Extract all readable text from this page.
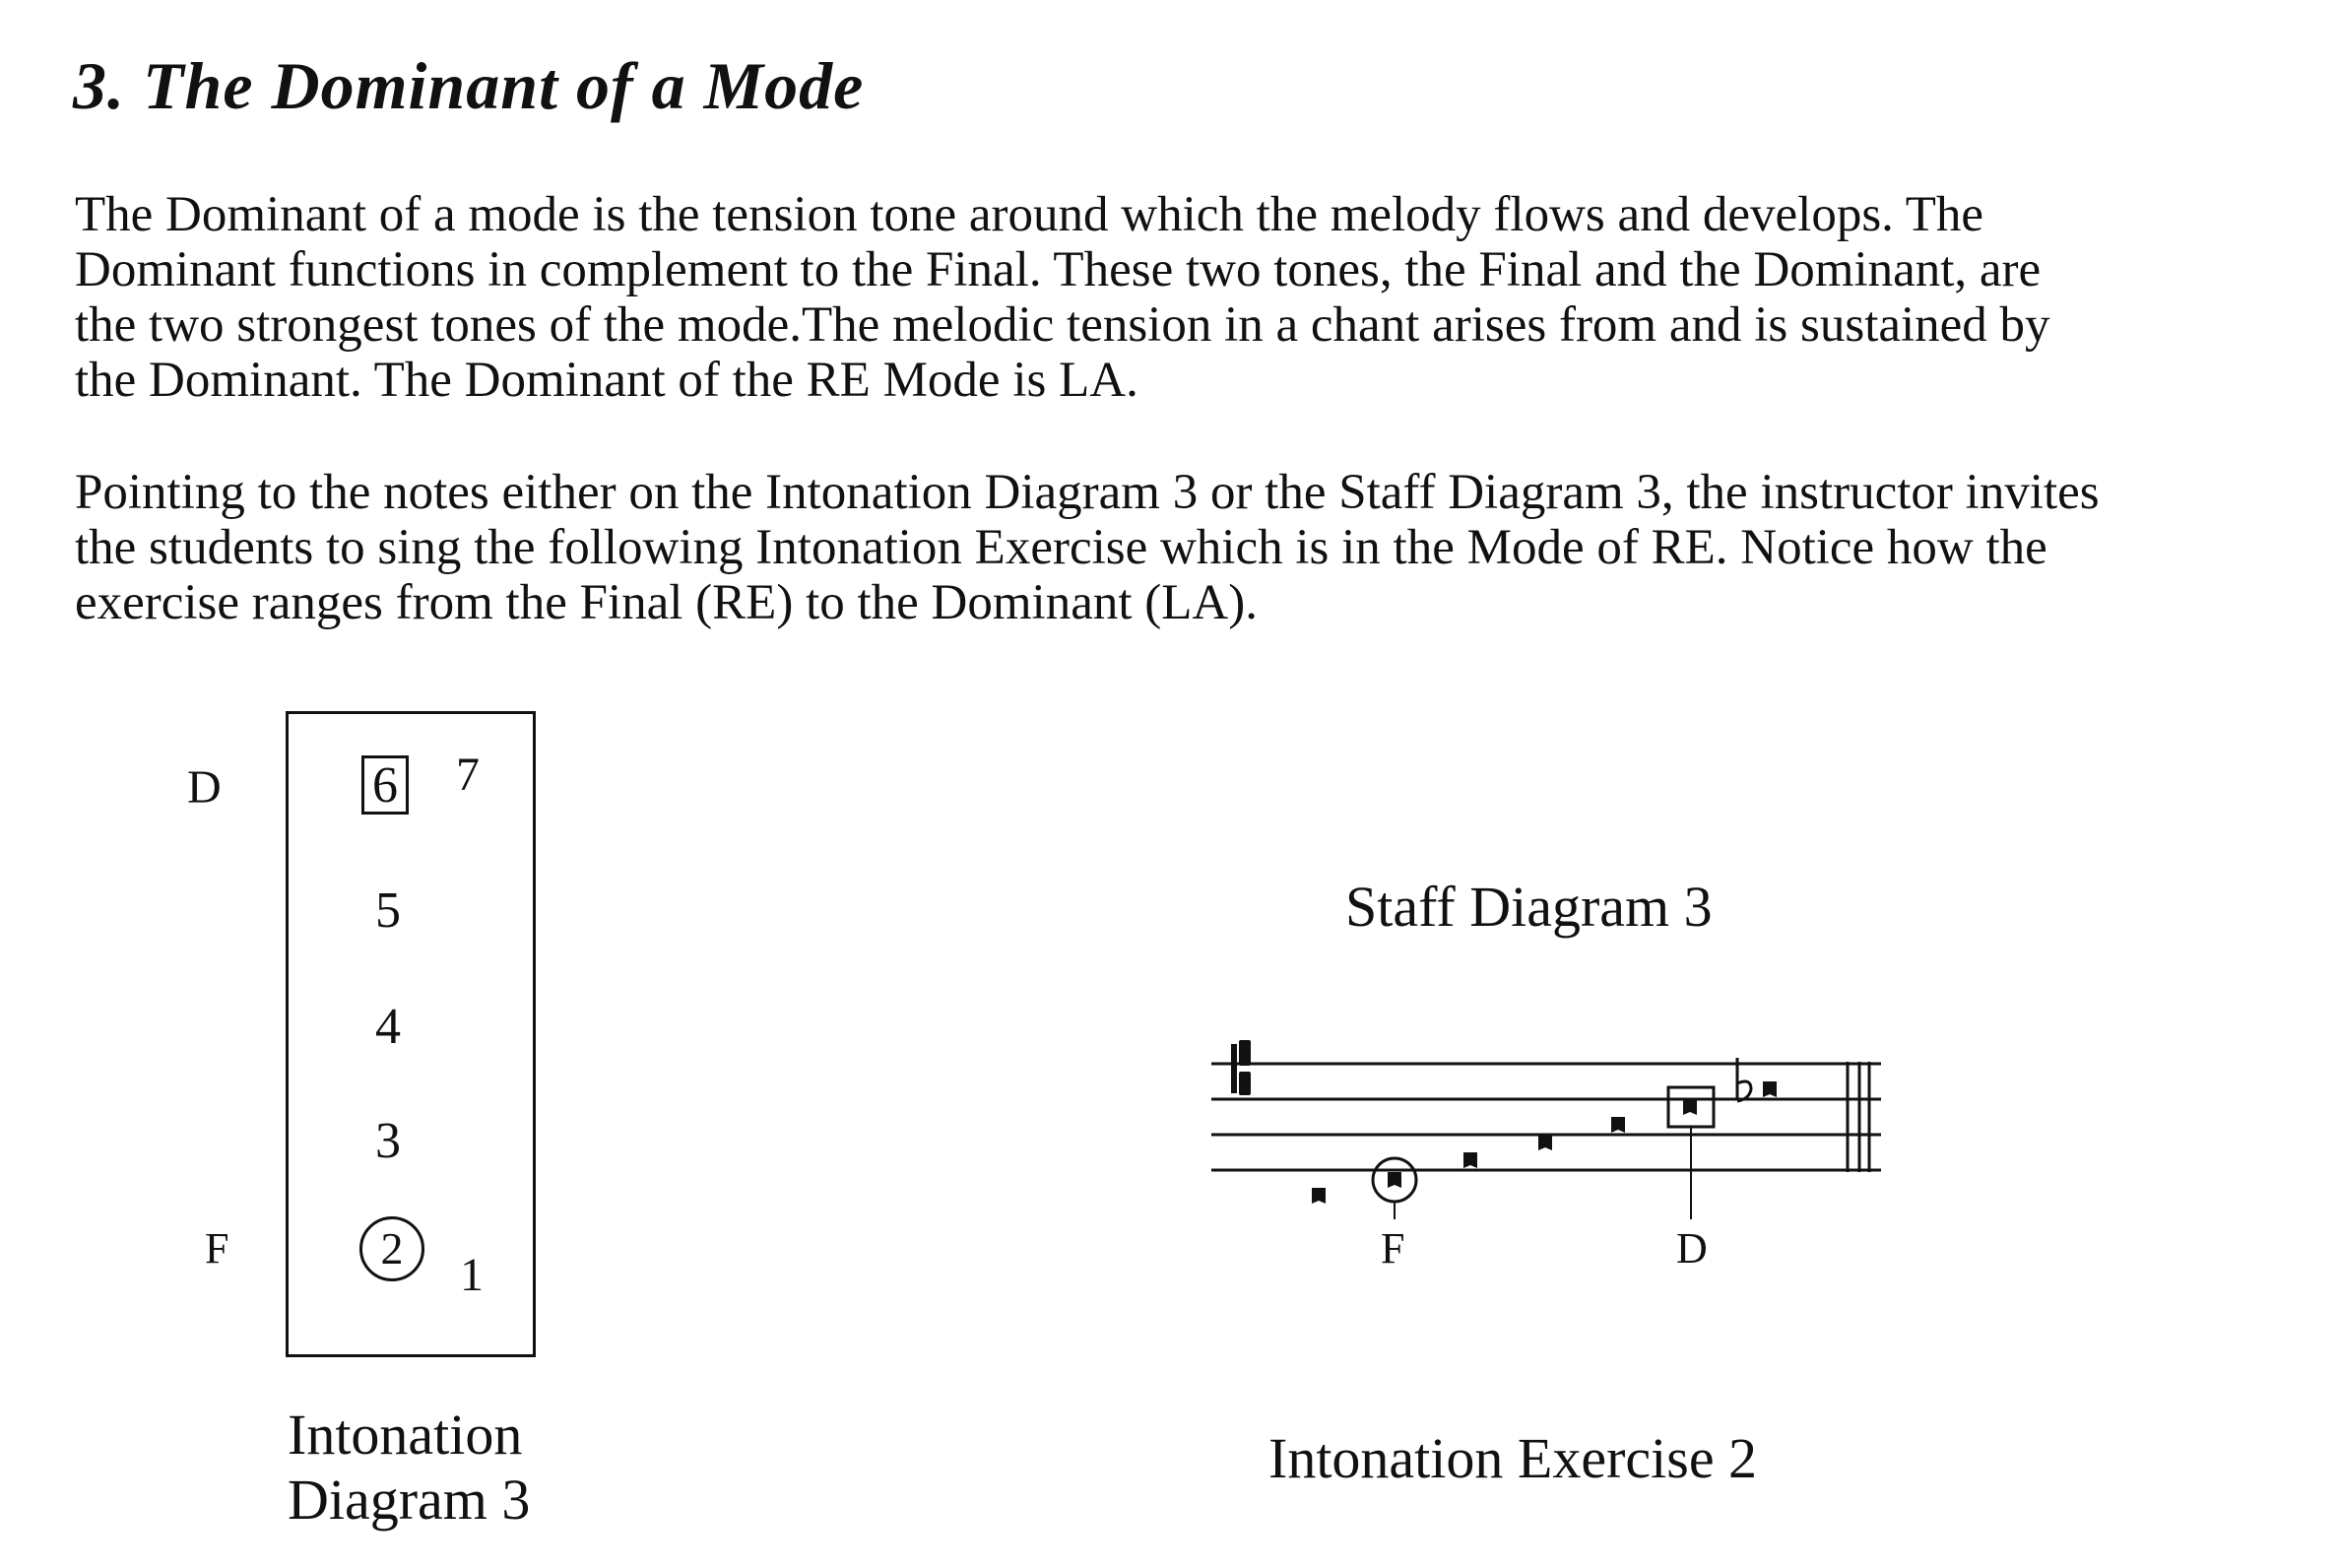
3. The Dominant of a Mode

The Dominant of a mode is the tension tone around which the melody flows and develops. The
Dominant functions in complement to the Final. These two tones, the Final and the Dominant, are
the two strongest tones of the mode.The melodic tension in a chant arises from and is sustained by
the Dominant. The Dominant of the RE Mode is LA.

Pointing to the notes either on the Intonation Diagram 3 or the Staff Diagram 3, the instructor invites
the students to sing the following Intonation Exercise which is in the Mode of RE. Notice how the
exercise ranges from the Final (RE) to the Dominant (LA).

D
F
6 7
5
4
3
2
1

Intonation
Diagram 3

Staff Diagram 3
F	D
Intonation Exercise 2
